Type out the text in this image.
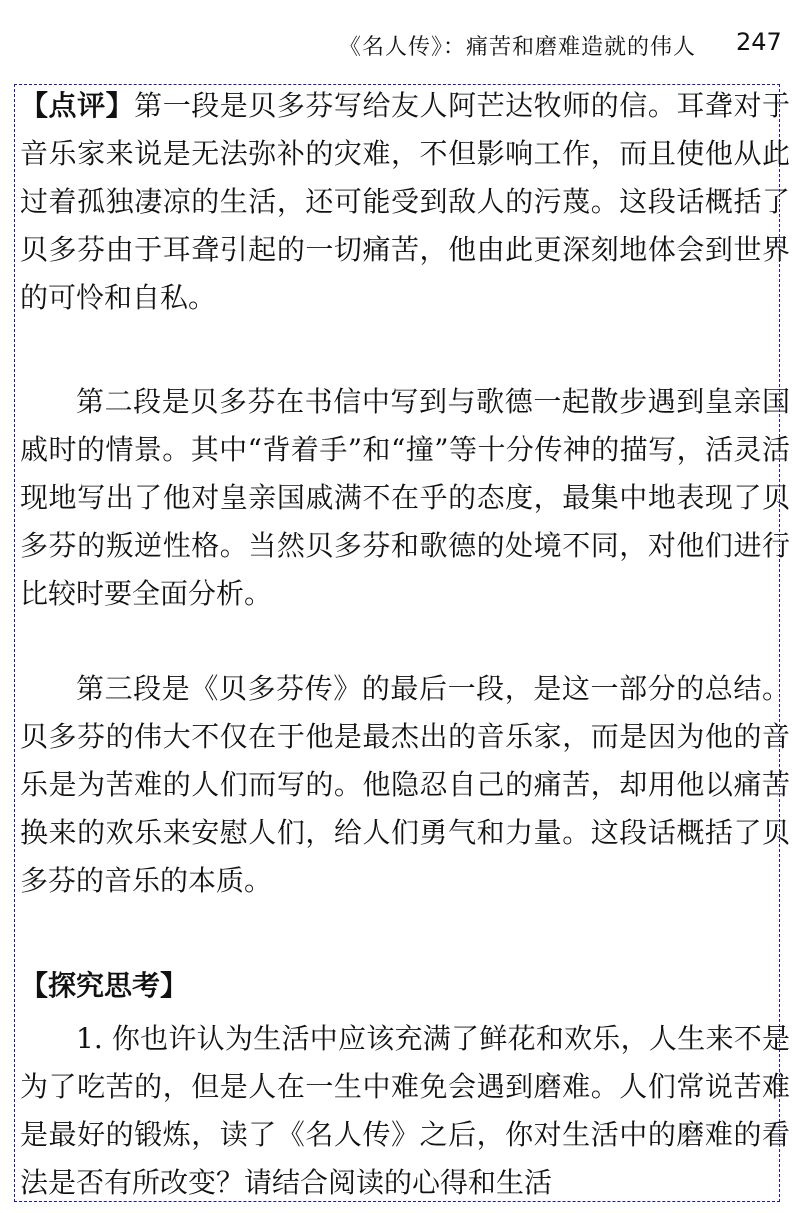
《名人传》：痛苦和磨难造就的伟人 247

【点评】第一段是贝多芬写给友人阿芒达牧师的信。耳聋对于音乐家来说是无法弥补的灾难，不但影响工作，而且使他从此过着孤独凄凉的生活，还可能受到敌人的污蔑。这段话概括了贝多芬由于耳聋引起的一切痛苦，他由此更深刻地体会到世界的可怜和自私。

第二段是贝多芬在书信中写到与歌德一起散步遇到皇亲国戚时的情景。其中“背着手”和“撞”等十分传神的描写，活灵活现地写出了他对皇亲国戚满不在乎的态度，最集中地表现了贝多芬的叛逆性格。当然贝多芬和歌德的处境不同，对他们进行比较时要全面分析。

第三段是《贝多芬传》的最后一段，是这一部分的总结。贝多芬的伟大不仅在于他是最杰出的音乐家，而是因为他的音乐是为苦难的人们而写的。他隐忍自己的痛苦，却用他以痛苦换来的欢乐来安慰人们，给人们勇气和力量。这段话概括了贝多芬的音乐的本质。

【探究思考】

1. 你也许认为生活中应该充满了鲜花和欢乐，人生来不是为了吃苦的，但是人在一生中难免会遇到磨难。人们常说苦难是最好的锻炼，读了《名人传》之后，你对生活中的磨难的看法是否有所改变？请结合阅读的心得和生活
